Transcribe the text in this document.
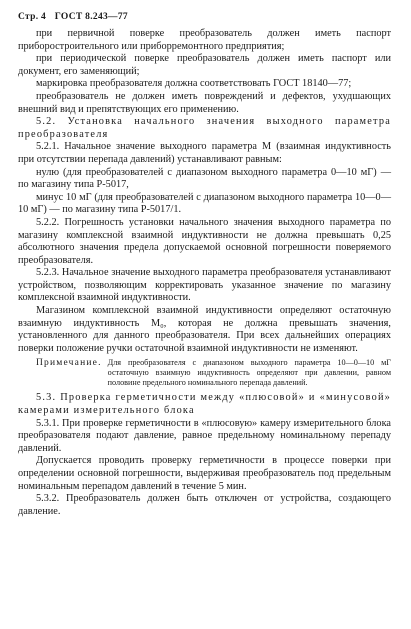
Стр. 4 ГОСТ 8.243—77

при первичной поверке преобразователь должен иметь паспорт приборостроительного или приборремонтного предприятия;

при периодической поверке преобразователь должен иметь паспорт или документ, его заменяющий;

маркировка преобразователя должна соответствовать ГОСТ 18140—77;

преобразователь не должен иметь повреждений и дефектов, ухудшающих внешний вид и препятствующих его применению.

5.2. Установка начального значения выходного параметра преобразователя

5.2.1. Начальное значение выходного параметра М (взаимная индуктивность при отсутствии перепада давлений) устанавливают равным:

нулю (для преобразователей с диапазоном выходного параметра 0—10 мГ) — по магазину типа Р-5017,

минус 10 мГ (для преобразователей с диапазоном выходного параметра 10—0—10 мГ) — по магазину типа Р-5017/1.

5.2.2. Погрешность установки начального значения выходного параметра по магазину комплексной взаимной индуктивности не должна превышать 0,25 абсолютного значения предела допускаемой основной погрешности поверяемого преобразователя.

5.2.3. Начальное значение выходного параметра преобразователя устанавливают устройством, позволяющим корректировать указанное значение по магазину комплексной взаимной индуктивности.

Магазином комплексной взаимной индуктивности определяют остаточную взаимную индуктивность M₀, которая не должна превышать значения, установленного для данного преобразователя. При всех дальнейших операциях поверки положение ручки остаточной взаимной индуктивности не изменяют.

Примечание. Для преобразователя с диапазоном выходного параметра 10—0—10 мГ остаточную взаимную индуктивность определяют при давлении, равном половине предельного номинального перепада давлений.

5.3. Проверка герметичности между «плюсовой» и «минусовой» камерами измерительного блока

5.3.1. При проверке герметичности в «плюсовую» камеру измерительного блока преобразователя подают давление, равное предельному номинальному перепаду давлений.

Допускается проводить проверку герметичности в процессе поверки при определении основной погрешности, выдерживая преобразователь под предельным номинальным перепадом давлений в течение 5 мин.

5.3.2. Преобразователь должен быть отключен от устройства, создающего давление.
